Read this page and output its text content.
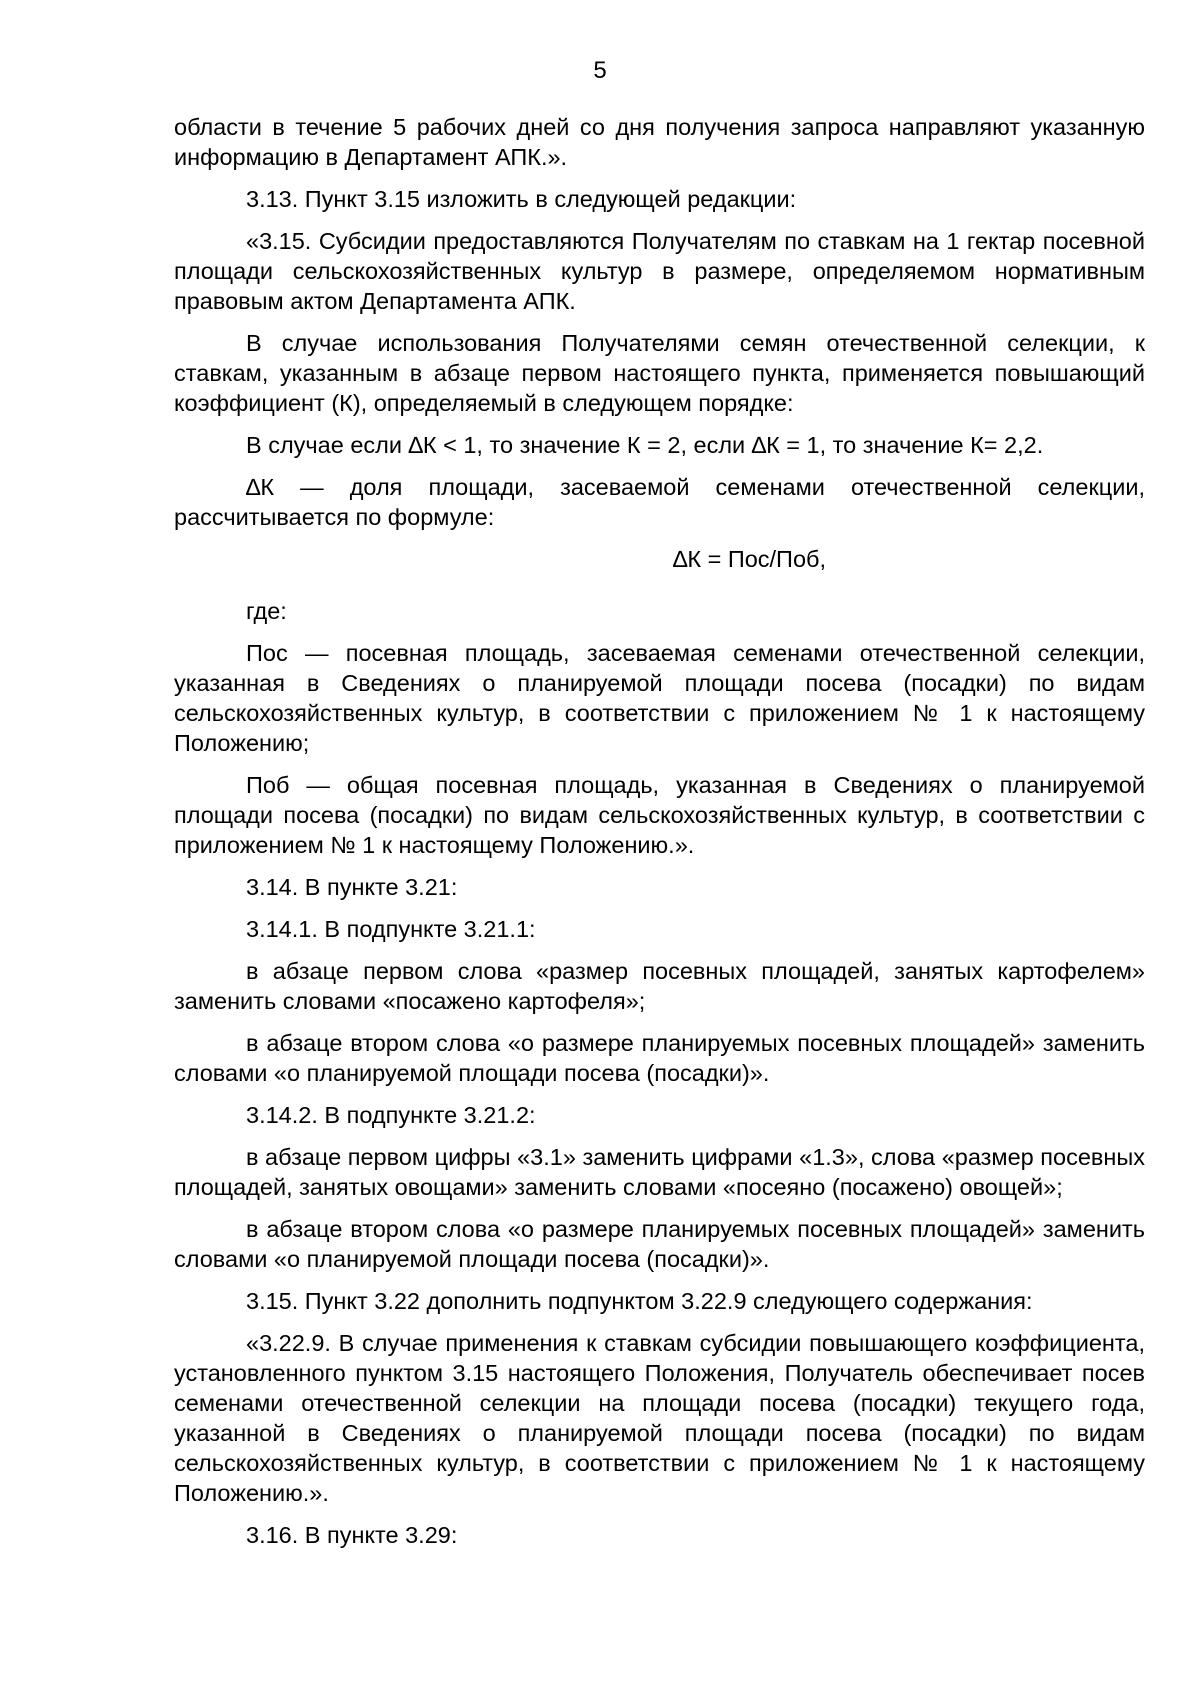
5

области в течение 5 рабочих дней со дня получения запроса направляют указанную информацию в Департамент АПК.».

3.13. Пункт 3.15 изложить в следующей редакции:

«3.15. Субсидии предоставляются Получателям по ставкам на 1 гектар посевной площади сельскохозяйственных культур в размере, определяемом нормативным правовым актом Департамента АПК.

В случае использования Получателями семян отечественной селекции, к ставкам, указанным в абзаце первом настоящего пункта, применяется повышающий коэффициент (К), определяемый в следующем порядке:

В случае если ∆К < 1, то значение К = 2, если ∆К = 1, то значение К= 2,2.

∆К — доля площади, засеваемой семенами отечественной селекции, рассчитывается по формуле:

∆К = Пос/Поб,

где:

Пос — посевная площадь, засеваемая семенами отечественной селекции, указанная в Сведениях о планируемой площади посева (посадки) по видам сельскохозяйственных культур, в соответствии с приложением № 1 к настоящему Положению;

Поб — общая посевная площадь, указанная в Сведениях о планируемой площади посева (посадки) по видам сельскохозяйственных культур, в соответствии с приложением № 1 к настоящему Положению.».

3.14. В пункте 3.21:

3.14.1. В подпункте 3.21.1:

в абзаце первом слова «размер посевных площадей, занятых картофелем» заменить словами «посажено картофеля»;

в абзаце втором слова «о размере планируемых посевных площадей» заменить словами «о планируемой площади посева (посадки)».

3.14.2. В подпункте 3.21.2:

в абзаце первом цифры «3.1» заменить цифрами «1.3», слова «размер посевных площадей, занятых овощами» заменить словами «посеяно (посажено) овощей»;

в абзаце втором слова «о размере планируемых посевных площадей» заменить словами «о планируемой площади посева (посадки)».

3.15. Пункт 3.22 дополнить подпунктом 3.22.9 следующего содержания:

«3.22.9. В случае применения к ставкам субсидии повышающего коэффициента, установленного пунктом 3.15 настоящего Положения, Получатель обеспечивает посев семенами отечественной селекции на площади посева (посадки) текущего года, указанной в Сведениях о планируемой площади посева (посадки) по видам сельскохозяйственных культур, в соответствии с приложением № 1 к настоящему Положению.».

3.16. В пункте 3.29:
